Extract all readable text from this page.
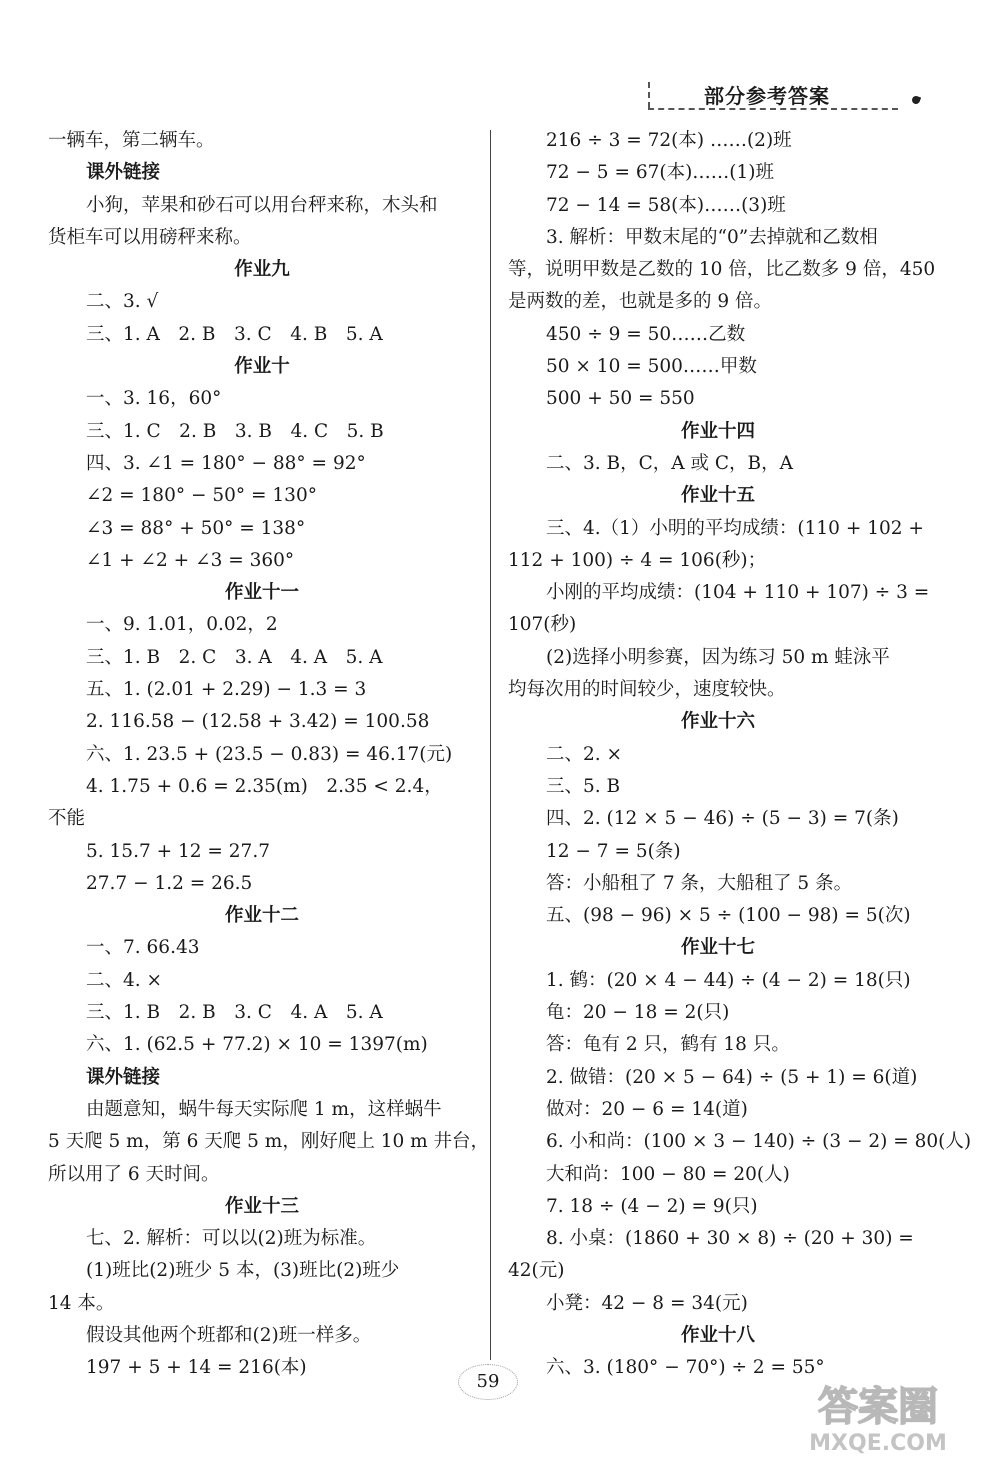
部分参考答案
一辆车，第二辆车。
课外链接
小狗，苹果和砂石可以用台秤来称，木头和
货柜车可以用磅秤来称。
作业九
二、3. √
三、1. A　2. B　3. C　4. B　5. A
作业十
一、3. 16，60°
三、1. C　2. B　3. B　4. C　5. B
四、3. ∠1 = 180° − 88° = 92°
∠2 = 180° − 50° = 130°
∠3 = 88° + 50° = 138°
∠1 + ∠2 + ∠3 = 360°
作业十一
一、9. 1.01，0.02，2
三、1. B　2. C　3. A　4. A　5. A
五、1. (2.01 + 2.29) − 1.3 = 3
2. 116.58 − (12.58 + 3.42) = 100.58
六、1. 23.5 + (23.5 − 0.83) = 46.17(元)
4. 1.75 + 0.6 = 2.35(m)　2.35 < 2.4，
不能
5. 15.7 + 12 = 27.7
27.7 − 1.2 = 26.5
作业十二
一、7. 66.43
二、4. ×
三、1. B　2. B　3. C　4. A　5. A
六、1. (62.5 + 77.2) × 10 = 1397(m)
课外链接
由题意知，蜗牛每天实际爬 1 m，这样蜗牛
5 天爬 5 m，第 6 天爬 5 m，刚好爬上 10 m 井台，
所以用了 6 天时间。
作业十三
七、2. 解析：可以以(2)班为标准。
(1)班比(2)班少 5 本，(3)班比(2)班少
14 本。
假设其他两个班都和(2)班一样多。
197 + 5 + 14 = 216(本)
216 ÷ 3 = 72(本) ……(2)班
72 − 5 = 67(本)……(1)班
72 − 14 = 58(本)……(3)班
3. 解析：甲数末尾的“0”去掉就和乙数相
等，说明甲数是乙数的 10 倍，比乙数多 9 倍，450
是两数的差，也就是多的 9 倍。
450 ÷ 9 = 50……乙数
50 × 10 = 500……甲数
500 + 50 = 550
作业十四
二、3. B，C，A 或 C，B，A
作业十五
三、4.（1）小明的平均成绩：(110 + 102 +
112 + 100) ÷ 4 = 106(秒)；
小刚的平均成绩：(104 + 110 + 107) ÷ 3 =
107(秒)
(2)选择小明参赛，因为练习 50 m 蛙泳平
均每次用的时间较少，速度较快。
作业十六
二、2. ×
三、5. B
四、2. (12 × 5 − 46) ÷ (5 − 3) = 7(条)
12 − 7 = 5(条)
答：小船租了 7 条，大船租了 5 条。
五、(98 − 96) × 5 ÷ (100 − 98) = 5(次)
作业十七
1. 鹤：(20 × 4 − 44) ÷ (4 − 2) = 18(只)
龟：20 − 18 = 2(只)
答：龟有 2 只，鹤有 18 只。
2. 做错：(20 × 5 − 64) ÷ (5 + 1) = 6(道)
做对：20 − 6 = 14(道)
6. 小和尚：(100 × 3 − 140) ÷ (3 − 2) = 80(人)
大和尚：100 − 80 = 20(人)
7. 18 ÷ (4 − 2) = 9(只)
8. 小桌：(1860 + 30 × 8) ÷ (20 + 30) =
42(元)
小凳：42 − 8 = 34(元)
作业十八
六、3. (180° − 70°) ÷ 2 = 55°
59
答案圈
MXQE.COM
